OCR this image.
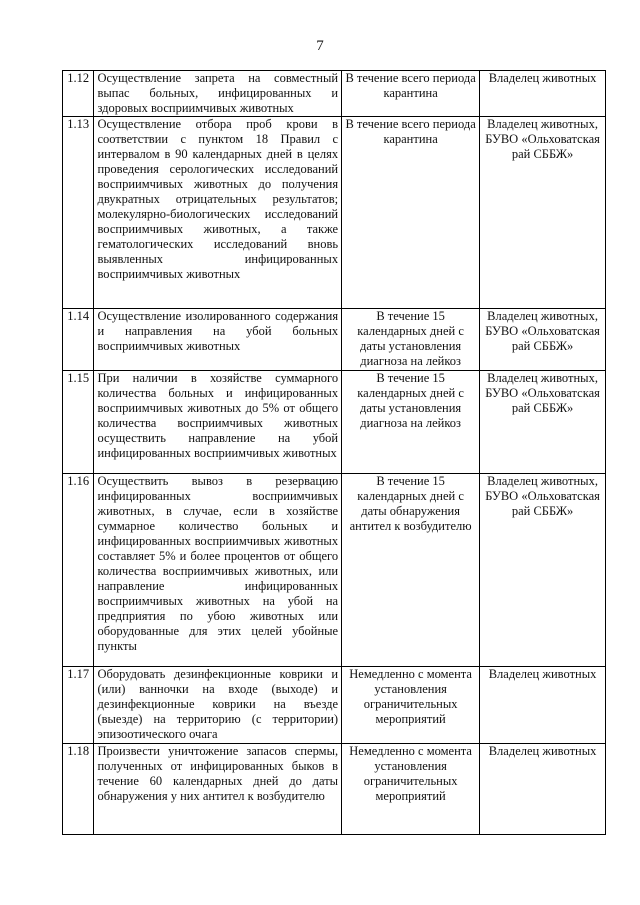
7
1.12	Осуществление запрета на совместный выпас больных, инфицированных и здоровых восприимчивых животных	В течение всего периода карантина	Владелец животных
1.13	Осуществление отбора проб крови в соответствии с пунктом 18 Правил с интервалом в 90 календарных дней в целях проведения серологических исследований восприимчивых животных до получения двукратных отрицательных результатов; молекулярно-биологических исследований восприимчивых животных, а также гематологических исследований вновь выявленных инфицированных восприимчивых животных	В течение всего периода карантина	Владелец животных, БУВО «Ольховатская рай СББЖ»
1.14	Осуществление изолированного содержания и направления на убой больных восприимчивых животных	В течение 15 календарных дней с даты установления диагноза на лейкоз	Владелец животных, БУВО «Ольховатская рай СББЖ»
1.15	При наличии в хозяйстве суммарного количества больных и инфицированных восприимчивых животных до 5% от общего количества восприимчивых животных осуществить направление на убой инфицированных восприимчивых животных	В течение 15 календарных дней с даты установления диагноза на лейкоз	Владелец животных, БУВО «Ольховатская рай СББЖ»
1.16	Осуществить вывоз в резервацию инфицированных восприимчивых животных, в случае, если в хозяйстве суммарное количество больных и инфицированных восприимчивых животных составляет 5% и более процентов от общего количества восприимчивых животных, или направление инфицированных восприимчивых животных на убой на предприятия по убою животных или оборудованные для этих целей убойные пункты	В течение 15 календарных дней с даты обнаружения антител к возбудителю	Владелец животных, БУВО «Ольховатская рай СББЖ»
1.17	Оборудовать дезинфекционные коврики и (или) ванночки на входе (выходе) и дезинфекционные коврики на въезде (выезде) на территорию (с территории) эпизоотического очага	Немедленно с момента установления ограничительных мероприятий	Владелец животных
1.18	Произвести уничтожение запасов спермы, полученных от инфицированных быков в течение 60 календарных дней до даты обнаружения у них антител к возбудителю	Немедленно с момента установления ограничительных мероприятий	Владелец животных
